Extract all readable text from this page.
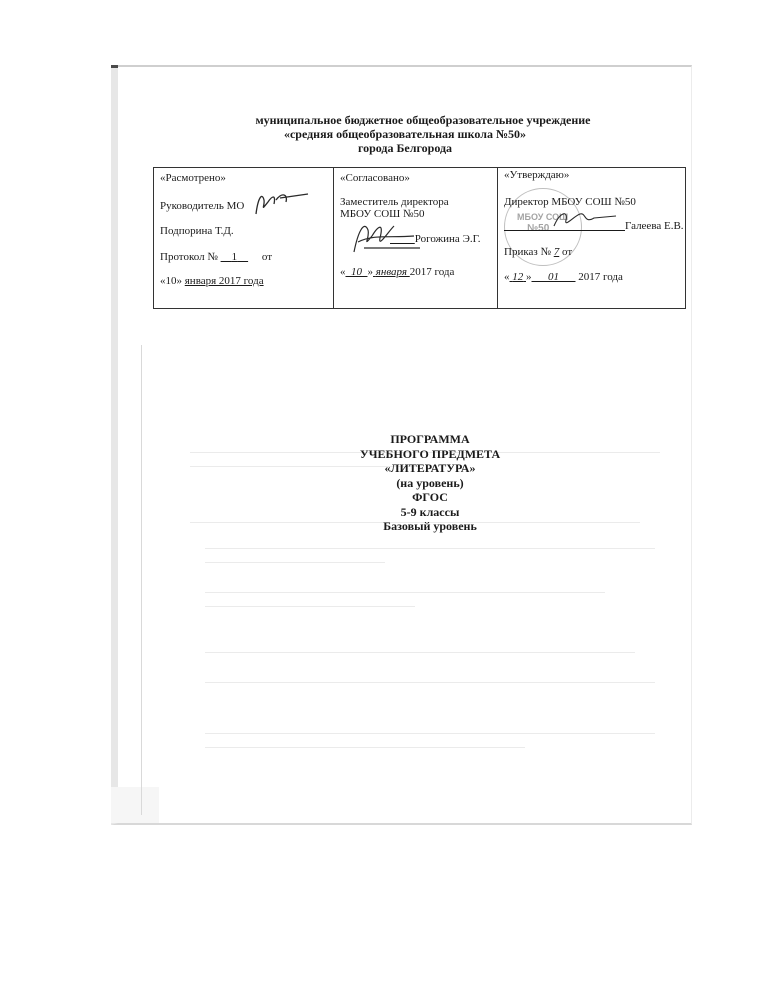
муниципальное бюджетное общеобразовательное учреждение
«средняя общеобразовательная школа №50»
города Белгорода
«Расмотрено»
Руководитель МО
Подпорина Т.Д.
Протокол № 1 от
«10» января 2017 года

«Согласовано»
Заместитель директора
МБОУ СОШ №50
Рогожина Э.Г.
« 10 » января 2017 года

МБОУ СОШ
№50
«Утверждаю»
Директор МБОУ СОШ №50
Галеева Е.В.
Приказ № 7 от
« 12 » 01 2017 года
ПРОГРАММА
УЧЕБНОГО ПРЕДМЕТА
«ЛИТЕРАТУРА»
(на уровень)
ФГОС
5-9 классы
Базовый уровень
